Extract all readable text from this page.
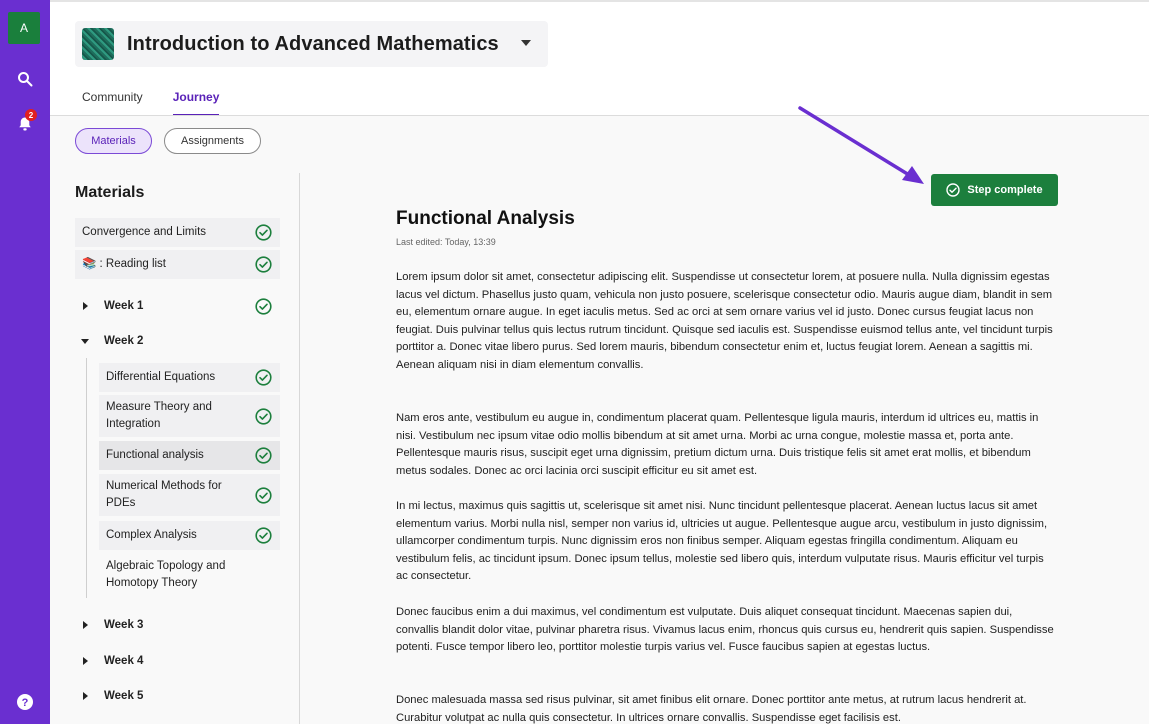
A
2
?
Introduction to Advanced Mathematics
Community	Journey
Materials	Assignments
Materials
Convergence and Limits
📚 : Reading list
Week 1
Week 2
Differential Equations
Measure Theory and Integration
Functional analysis
Numerical Methods for PDEs
Complex Analysis
Algebraic Topology and Homotopy Theory
Week 3
Week 4
Week 5
Step complete
Functional Analysis
Last edited: Today, 13:39

Lorem ipsum dolor sit amet, consectetur adipiscing elit. Suspendisse ut consectetur lorem, at posuere nulla. Nulla dignissim egestas lacus vel dictum. Phasellus justo quam, vehicula non justo posuere, scelerisque consectetur odio. Mauris augue diam, blandit in sem eu, elementum ornare augue. In eget iaculis metus. Sed ac orci at sem ornare varius vel id justo. Donec cursus feugiat lacus non feugiat. Duis pulvinar tellus quis lectus rutrum tincidunt. Quisque sed iaculis est. Suspendisse euismod tellus ante, vel tincidunt turpis porttitor a. Donec vitae libero purus. Sed lorem mauris, bibendum consectetur enim et, luctus feugiat lorem. Aenean a sagittis mi. Aenean aliquam nisi in diam elementum convallis.

Nam eros ante, vestibulum eu augue in, condimentum placerat quam. Pellentesque ligula mauris, interdum id ultrices eu, mattis in nisi. Vestibulum nec ipsum vitae odio mollis bibendum at sit amet urna. Morbi ac urna congue, molestie massa et, porta ante. Pellentesque mauris risus, suscipit eget urna dignissim, pretium dictum urna. Duis tristique felis sit amet erat mollis, et bibendum metus sodales. Donec ac orci lacinia orci suscipit efficitur eu sit amet est.

In mi lectus, maximus quis sagittis ut, scelerisque sit amet nisi. Nunc tincidunt pellentesque placerat. Aenean luctus lacus sit amet elementum varius. Morbi nulla nisl, semper non varius id, ultricies ut augue. Pellentesque augue arcu, vestibulum in justo dignissim, ullamcorper condimentum turpis. Nunc dignissim eros non finibus semper. Aliquam egestas fringilla condimentum. Aliquam eu vestibulum felis, ac tincidunt ipsum. Donec ipsum tellus, molestie sed libero quis, interdum vulputate risus. Mauris efficitur vel turpis ac consectetur.

Donec faucibus enim a dui maximus, vel condimentum est vulputate. Duis aliquet consequat tincidunt. Maecenas sapien dui, convallis blandit dolor vitae, pulvinar pharetra risus. Vivamus lacus enim, rhoncus quis cursus eu, hendrerit quis sapien. Suspendisse potenti. Fusce tempor libero leo, porttitor molestie turpis varius vel. Fusce faucibus sapien at egestas luctus.

Donec malesuada massa sed risus pulvinar, sit amet finibus elit ornare. Donec porttitor ante metus, at rutrum lacus hendrerit at. Curabitur volutpat ac nulla quis consectetur. In ultrices ornare convallis. Suspendisse eget facilisis est.
